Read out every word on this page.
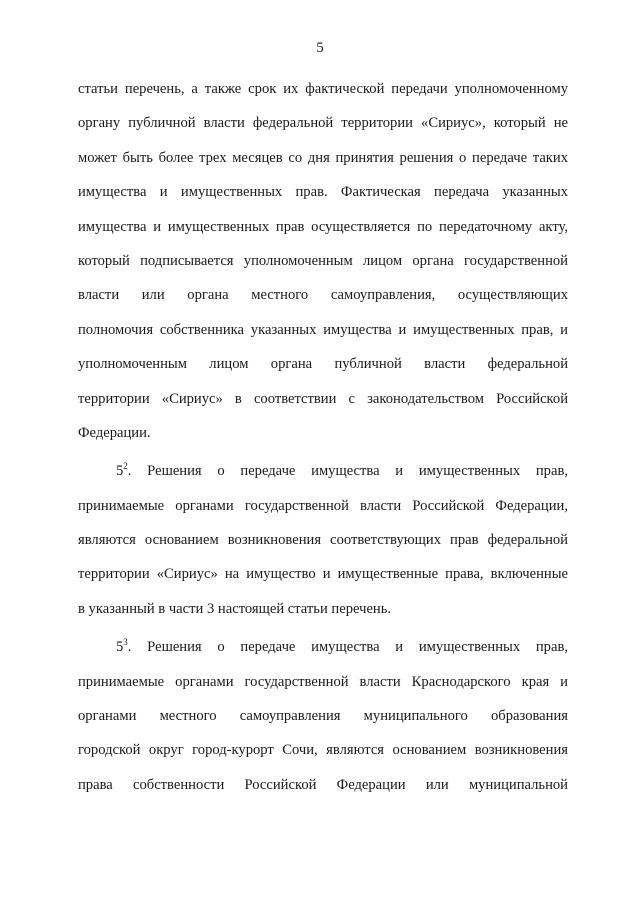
5
статьи перечень, а также срок их фактической передачи уполномоченному
органу публичной власти федеральной территории «Сириус», который не
может быть более трех месяцев со дня принятия решения о передаче таких
имущества и имущественных прав. Фактическая передача указанных
имущества и имущественных прав осуществляется по передаточному акту,
который подписывается уполномоченным лицом органа государственной
власти или органа местного самоуправления, осуществляющих
полномочия собственника указанных имущества и имущественных прав, и
уполномоченным лицом органа публичной власти федеральной
территории «Сириус» в соответствии с законодательством Российской
Федерации.
$5^2$. Решения о передаче имущества и имущественных прав,
принимаемые органами государственной власти Российской Федерации,
являются основанием возникновения соответствующих прав федеральной
территории «Сириус» на имущество и имущественные права, включенные
в указанный в части 3 настоящей статьи перечень.
$5^3$. Решения о передаче имущества и имущественных прав,
принимаемые органами государственной власти Краснодарского края и
органами местного самоуправления муниципального образования
городской округ город-курорт Сочи, являются основанием возникновения
права собственности Российской Федерации или муниципальной
